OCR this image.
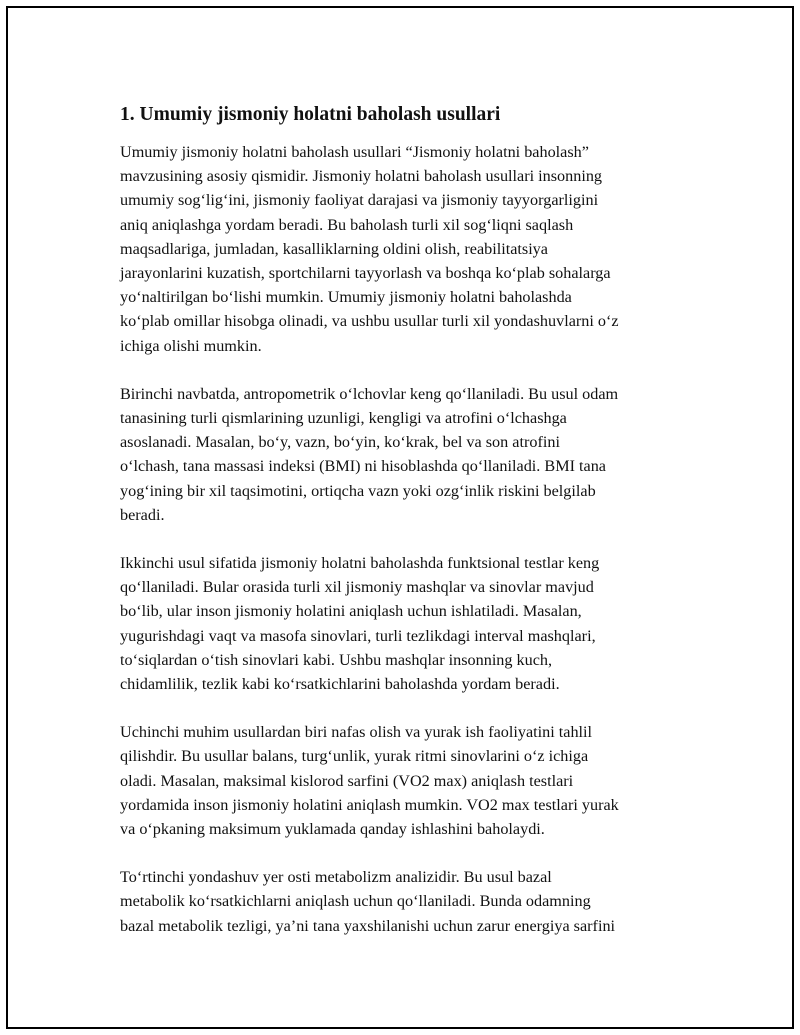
1. Umumiy jismoniy holatni baholash usullari

Umumiy jismoniy holatni baholash usullari “Jismoniy holatni baholash”
mavzusining asosiy qismidir. Jismoniy holatni baholash usullari insonning
umumiy sog‘lig‘ini, jismoniy faoliyat darajasi va jismoniy tayyorgarligini
aniq aniqlashga yordam beradi. Bu baholash turli xil sog‘liqni saqlash
maqsadlariga, jumladan, kasalliklarning oldini olish, reabilitatsiya
jarayonlarini kuzatish, sportchilarni tayyorlash va boshqa ko‘plab sohalarga
yo‘naltirilgan bo‘lishi mumkin. Umumiy jismoniy holatni baholashda
ko‘plab omillar hisobga olinadi, va ushbu usullar turli xil yondashuvlarni o‘z
ichiga olishi mumkin.

Birinchi navbatda, antropometrik o‘lchovlar keng qo‘llaniladi. Bu usul odam
tanasining turli qismlarining uzunligi, kengligi va atrofini o‘lchashga
asoslanadi. Masalan, bo‘y, vazn, bo‘yin, ko‘krak, bel va son atrofini
o‘lchash, tana massasi indeksi (BMI) ni hisoblashda qo‘llaniladi. BMI tana
yog‘ining bir xil taqsimotini, ortiqcha vazn yoki ozg‘inlik riskini belgilab
beradi.

Ikkinchi usul sifatida jismoniy holatni baholashda funktsional testlar keng
qo‘llaniladi. Bular orasida turli xil jismoniy mashqlar va sinovlar mavjud
bo‘lib, ular inson jismoniy holatini aniqlash uchun ishlatiladi. Masalan,
yugurishdagi vaqt va masofa sinovlari, turli tezlikdagi interval mashqlari,
to‘siqlardan o‘tish sinovlari kabi. Ushbu mashqlar insonning kuch,
chidamlilik, tezlik kabi ko‘rsatkichlarini baholashda yordam beradi.

Uchinchi muhim usullardan biri nafas olish va yurak ish faoliyatini tahlil
qilishdir. Bu usullar balans, turg‘unlik, yurak ritmi sinovlarini o‘z ichiga
oladi. Masalan, maksimal kislorod sarfini (VO2 max) aniqlash testlari
yordamida inson jismoniy holatini aniqlash mumkin. VO2 max testlari yurak
va o‘pkaning maksimum yuklamada qanday ishlashini baholaydi.

To‘rtinchi yondashuv yer osti metabolizm analizidir. Bu usul bazal
metabolik ko‘rsatkichlarni aniqlash uchun qo‘llaniladi. Bunda odamning
bazal metabolik tezligi, ya’ni tana yaxshilanishi uchun zarur energiya sarfini
